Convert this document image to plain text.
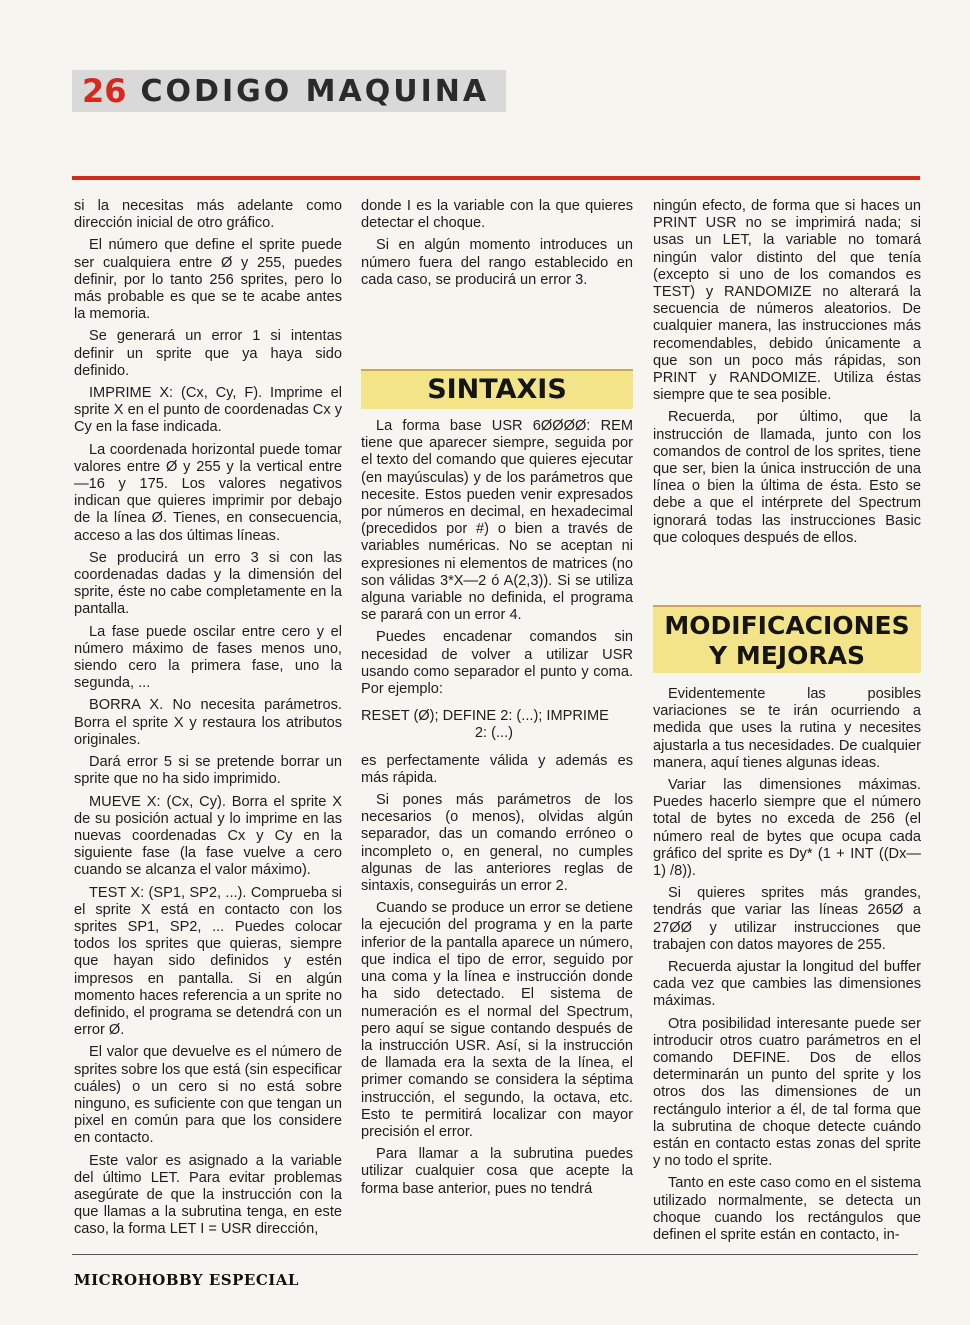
26 CODIGO MAQUINA

si la necesitas más adelante como dirección inicial de otro gráfico.

El número que define el sprite puede ser cualquiera entre Ø y 255, puedes definir, por lo tanto 256 sprites, pero lo más probable es que se te acabe antes la memoria.

Se generará un error 1 si intentas definir un sprite que ya haya sido definido.

IMPRIME X: (Cx, Cy, F). Imprime el sprite X en el punto de coordenadas Cx y Cy en la fase indicada.

La coordenada horizontal puede tomar valores entre Ø y 255 y la vertical entre —16 y 175. Los valores negativos indican que quieres imprimir por debajo de la línea Ø. Tienes, en consecuencia, acceso a las dos últimas líneas.

Se producirá un erro 3 si con las coordenadas dadas y la dimensión del sprite, éste no cabe completamente en la pantalla.

La fase puede oscilar entre cero y el número máximo de fases menos uno, siendo cero la primera fase, uno la segunda, ...

BORRA X. No necesita parámetros. Borra el sprite X y restaura los atributos originales.

Dará error 5 si se pretende borrar un sprite que no ha sido imprimido.

MUEVE X: (Cx, Cy). Borra el sprite X de su posición actual y lo imprime en las nuevas coordenadas Cx y Cy en la siguiente fase (la fase vuelve a cero cuando se alcanza el valor máximo).

TEST X: (SP1, SP2, ...). Comprueba si el sprite X está en contacto con los sprites SP1, SP2, ... Puedes colocar todos los sprites que quieras, siempre que hayan sido definidos y estén impresos en pantalla. Si en algún momento haces referencia a un sprite no definido, el programa se detendrá con un error Ø.

El valor que devuelve es el número de sprites sobre los que está (sin especificar cuáles) o un cero si no está sobre ninguno, es suficiente con que tengan un pixel en común para que los considere en contacto.

Este valor es asignado a la variable del último LET. Para evitar problemas asegúrate de que la instrucción con la que llamas a la subrutina tenga, en este caso, la forma LET I = USR dirección,

donde I es la variable con la que quieres detectar el choque.

Si en algún momento introduces un número fuera del rango establecido en cada caso, se producirá un error 3.

SINTAXIS

La forma base USR 6ØØØØ: REM tiene que aparecer siempre, seguida por el texto del comando que quieres ejecutar (en mayúsculas) y de los parámetros que necesite. Estos pueden venir expresados por números en decimal, en hexadecimal (precedidos por #) o bien a través de variables numéricas. No se aceptan ni expresiones ni elementos de matrices (no son válidas 3*X—2 ó A(2,3)). Si se utiliza alguna variable no definida, el programa se parará con un error 4.

Puedes encadenar comandos sin necesidad de volver a utilizar USR usando como separador el punto y coma. Por ejemplo:

RESET (Ø); DEFINE 2: (...); IMPRIME

2: (...)

es perfectamente válida y además es más rápida.

Si pones más parámetros de los necesarios (o menos), olvidas algún separador, das un comando erróneo o incompleto o, en general, no cumples algunas de las anteriores reglas de sintaxis, conseguirás un error 2.

Cuando se produce un error se detiene la ejecución del programa y en la parte inferior de la pantalla aparece un número, que indica el tipo de error, seguido por una coma y la línea e instrucción donde ha sido detectado. El sistema de numeración es el normal del Spectrum, pero aquí se sigue contando después de la instrucción USR. Así, si la instrucción de llamada era la sexta de la línea, el primer comando se considera la séptima instrucción, el segundo, la octava, etc. Esto te permitirá localizar con mayor precisión el error.

Para llamar a la subrutina puedes utilizar cualquier cosa que acepte la forma base anterior, pues no tendrá

ningún efecto, de forma que si haces un PRINT USR no se imprimirá nada; si usas un LET, la variable no tomará ningún valor distinto del que tenía (excepto si uno de los comandos es TEST) y RANDOMIZE no alterará la secuencia de números aleatorios. De cualquier manera, las instrucciones más recomendables, debido únicamente a que son un poco más rápidas, son PRINT y RANDOMIZE. Utiliza éstas siempre que te sea posible.

Recuerda, por último, que la instrucción de llamada, junto con los comandos de control de los sprites, tiene que ser, bien la única instrucción de una línea o bien la última de ésta. Esto se debe a que el intérprete del Spectrum ignorará todas las instrucciones Basic que coloques después de ellos.

MODIFICACIONES
Y MEJORAS

Evidentemente las posibles variaciones se te irán ocurriendo a medida que uses la rutina y necesites ajustarla a tus necesidades. De cualquier manera, aquí tienes algunas ideas.

Variar las dimensiones máximas. Puedes hacerlo siempre que el número total de bytes no exceda de 256 (el número real de bytes que ocupa cada gráfico del sprite es Dy* (1 + INT ((Dx—1) /8)).

Si quieres sprites más grandes, tendrás que variar las líneas 265Ø a 27ØØ y utilizar instrucciones que trabajen con datos mayores de 255.

Recuerda ajustar la longitud del buffer cada vez que cambies las dimensiones máximas.

Otra posibilidad interesante puede ser introducir otros cuatro parámetros en el comando DEFINE. Dos de ellos determinarán un punto del sprite y los otros dos las dimensiones de un rectángulo interior a él, de tal forma que la subrutina de choque detecte cuándo están en contacto estas zonas del sprite y no todo el sprite.

Tanto en este caso como en el sistema utilizado normalmente, se detecta un choque cuando los rectángulos que definen el sprite están en contacto, in-

MICROHOBBY ESPECIAL
